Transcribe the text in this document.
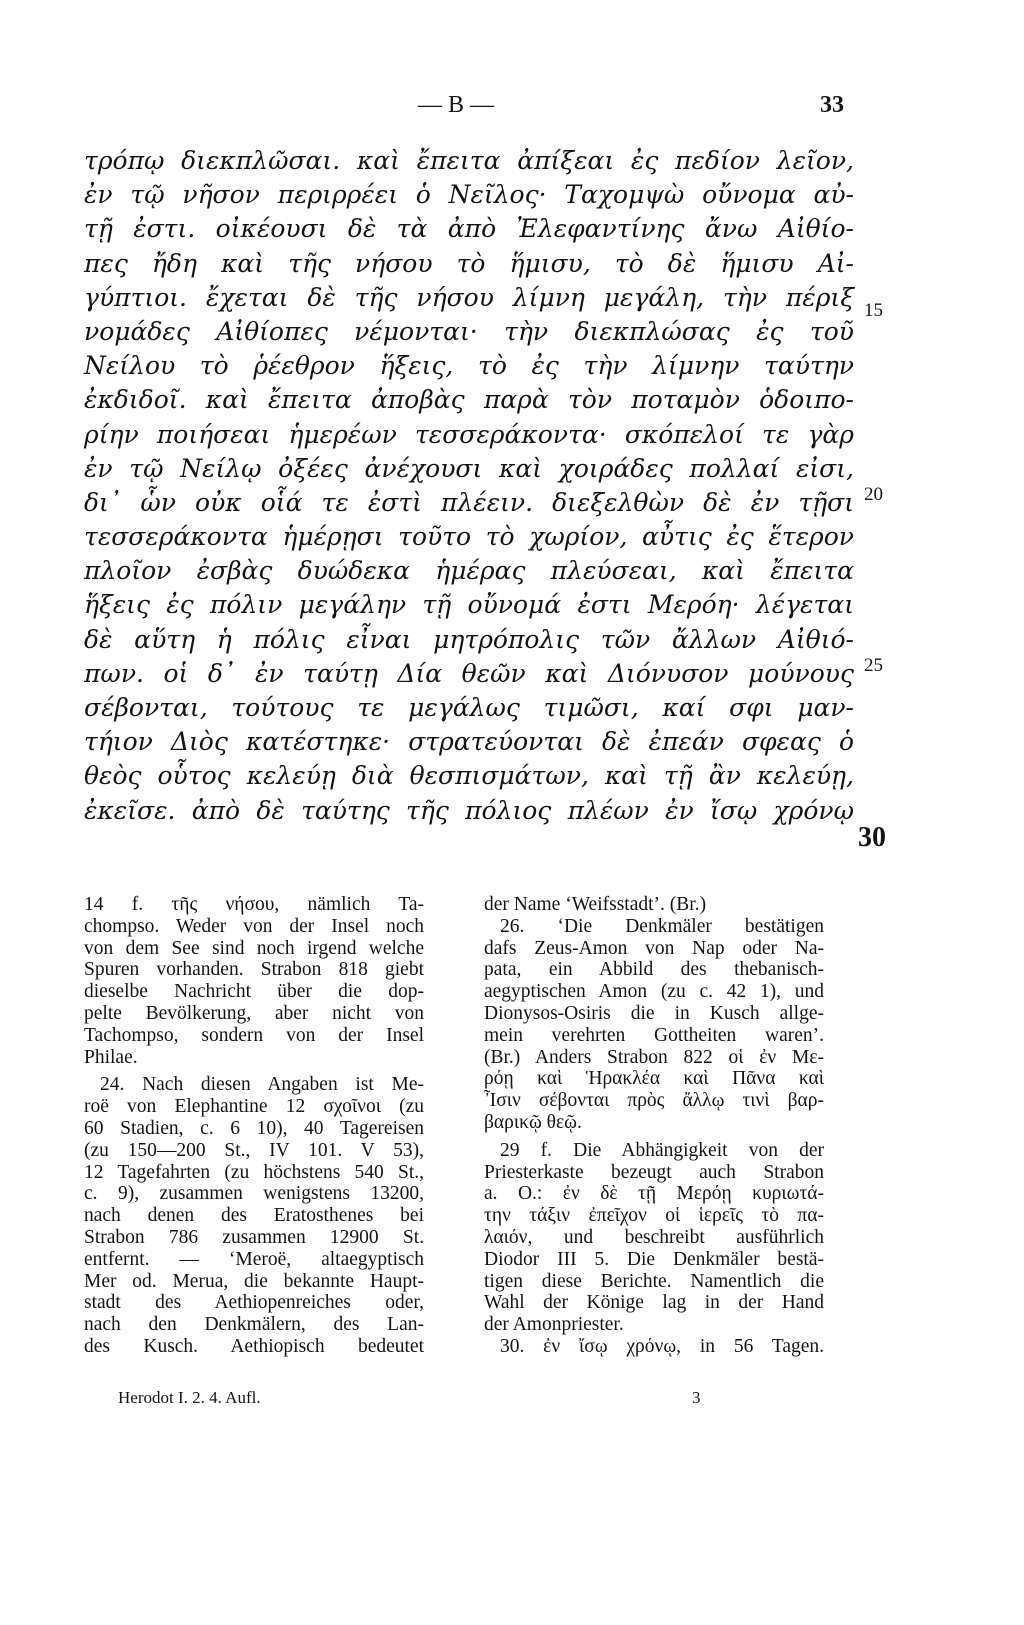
— B —	33
τρόπῳ διεκπλῶσαι. καὶ ἔπειτα ἀπίξεαι ἐς πεδίον λεῖον,
ἐν τῷ νῆσον περιρρέει ὁ Νεῖλος· Ταχομψὼ οὔνομα αὐ-
τῇ ἐστι. οἰκέουσι δὲ τὰ ἀπὸ Ἐλεφαντίνης ἄνω Αἰθίο-
πες ἤδη καὶ τῆς νήσου τὸ ἥμισυ, τὸ δὲ ἥμισυ Αἰ-
γύπτιοι. ἔχεται δὲ τῆς νήσου λίμνη μεγάλη, τὴν πέριξ
νομάδες Αἰθίοπες νέμονται· τὴν διεκπλώσας ἐς τοῦ
Νείλου τὸ ῥέεθρον ἥξεις, τὸ ἐς τὴν λίμνην ταύτην
ἐκδιδοῖ. καὶ ἔπειτα ἀποβὰς παρὰ τὸν ποταμὸν ὁδοιπο-
ρίην ποιήσεαι ἡμερέων τεσσεράκοντα· σκόπελοί τε γὰρ
ἐν τῷ Νείλῳ ὀξέες ἀνέχουσι καὶ χοιράδες πολλαί εἰσι,
δι᾽ ὧν οὐκ οἷά τε ἐστὶ πλέειν. διεξελθὼν δὲ ἐν τῇσι
τεσσεράκοντα ἡμέρῃσι τοῦτο τὸ χωρίον, αὖτις ἐς ἕτερον
πλοῖον ἐσβὰς δυώδεκα ἡμέρας πλεύσεαι, καὶ ἔπειτα
ἥξεις ἐς πόλιν μεγάλην τῇ οὔνομά ἐστι Μερόη· λέγεται
δὲ αὕτη ἡ πόλις εἶναι μητρόπολις τῶν ἄλλων Αἰθιό-
πων. οἱ δ᾽ ἐν ταύτῃ Δία θεῶν καὶ Διόνυσον μούνους
σέβονται, τούτους τε μεγάλως τιμῶσι, καί σφι μαν-
τήιον Διὸς κατέστηκε· στρατεύονται δὲ ἐπεάν σφεας ὁ
θεὸς οὗτος κελεύῃ διὰ θεσπισμάτων, καὶ τῇ ἂν κελεύῃ,
ἐκεῖσε. ἀπὸ δὲ ταύτης τῆς πόλιος πλέων ἐν ἴσῳ χρόνῳ
15
20
25
30
14 f. τῆς νήσου, nämlich Ta-
chompso. Weder von der Insel noch
von dem See sind noch irgend welche
Spuren vorhanden. Strabon 818 giebt
dieselbe Nachricht über die dop-
pelte Bevölkerung, aber nicht von
Tachompso, sondern von der Insel
Philae.
24. Nach diesen Angaben ist Me-
roë von Elephantine 12 σχοῖνοι (zu
60 Stadien, c. 6 10), 40 Tagereisen
(zu 150—200 St., IV 101. V 53),
12 Tagefahrten (zu höchstens 540 St.,
c. 9), zusammen wenigstens 13200,
nach denen des Eratosthenes bei
Strabon 786 zusammen 12900 St.
entfernt. — ‘Meroë, altaegyptisch
Mer od. Merua, die bekannte Haupt-
stadt des Aethiopenreiches oder,
nach den Denkmälern, des Lan-
des Kusch. Aethiopisch bedeutet
der Name ‘Weifsstadt’. (Br.)
26. ‘Die Denkmäler bestätigen
dafs Zeus-Amon von Nap oder Na-
pata, ein Abbild des thebanisch-
aegyptischen Amon (zu c. 42 1), und
Dionysos-Osiris die in Kusch allge-
mein verehrten Gottheiten waren’.
(Br.) Anders Strabon 822 οἱ ἐν Με-
ρόῃ καὶ Ἡρακλέα καὶ Πᾶνα καὶ
Ἶσιν σέβονται πρὸς ἄλλῳ τινὶ βαρ-
βαρικῷ θεῷ.
29 f. Die Abhängigkeit von der
Priesterkaste bezeugt auch Strabon
a. O.: ἐν δὲ τῇ Μερόῃ κυριωτά-
την τάξιν ἐπεῖχον οἱ ἱερεῖς τὸ πα-
λαιόν, und beschreibt ausführlich
Diodor III 5. Die Denkmäler bestä-
tigen diese Berichte. Namentlich die
Wahl der Könige lag in der Hand
der Amonpriester.
30. ἐν ἴσῳ χρόνῳ, in 56 Tagen.
Herodot I. 2. 4. Aufl.	3
